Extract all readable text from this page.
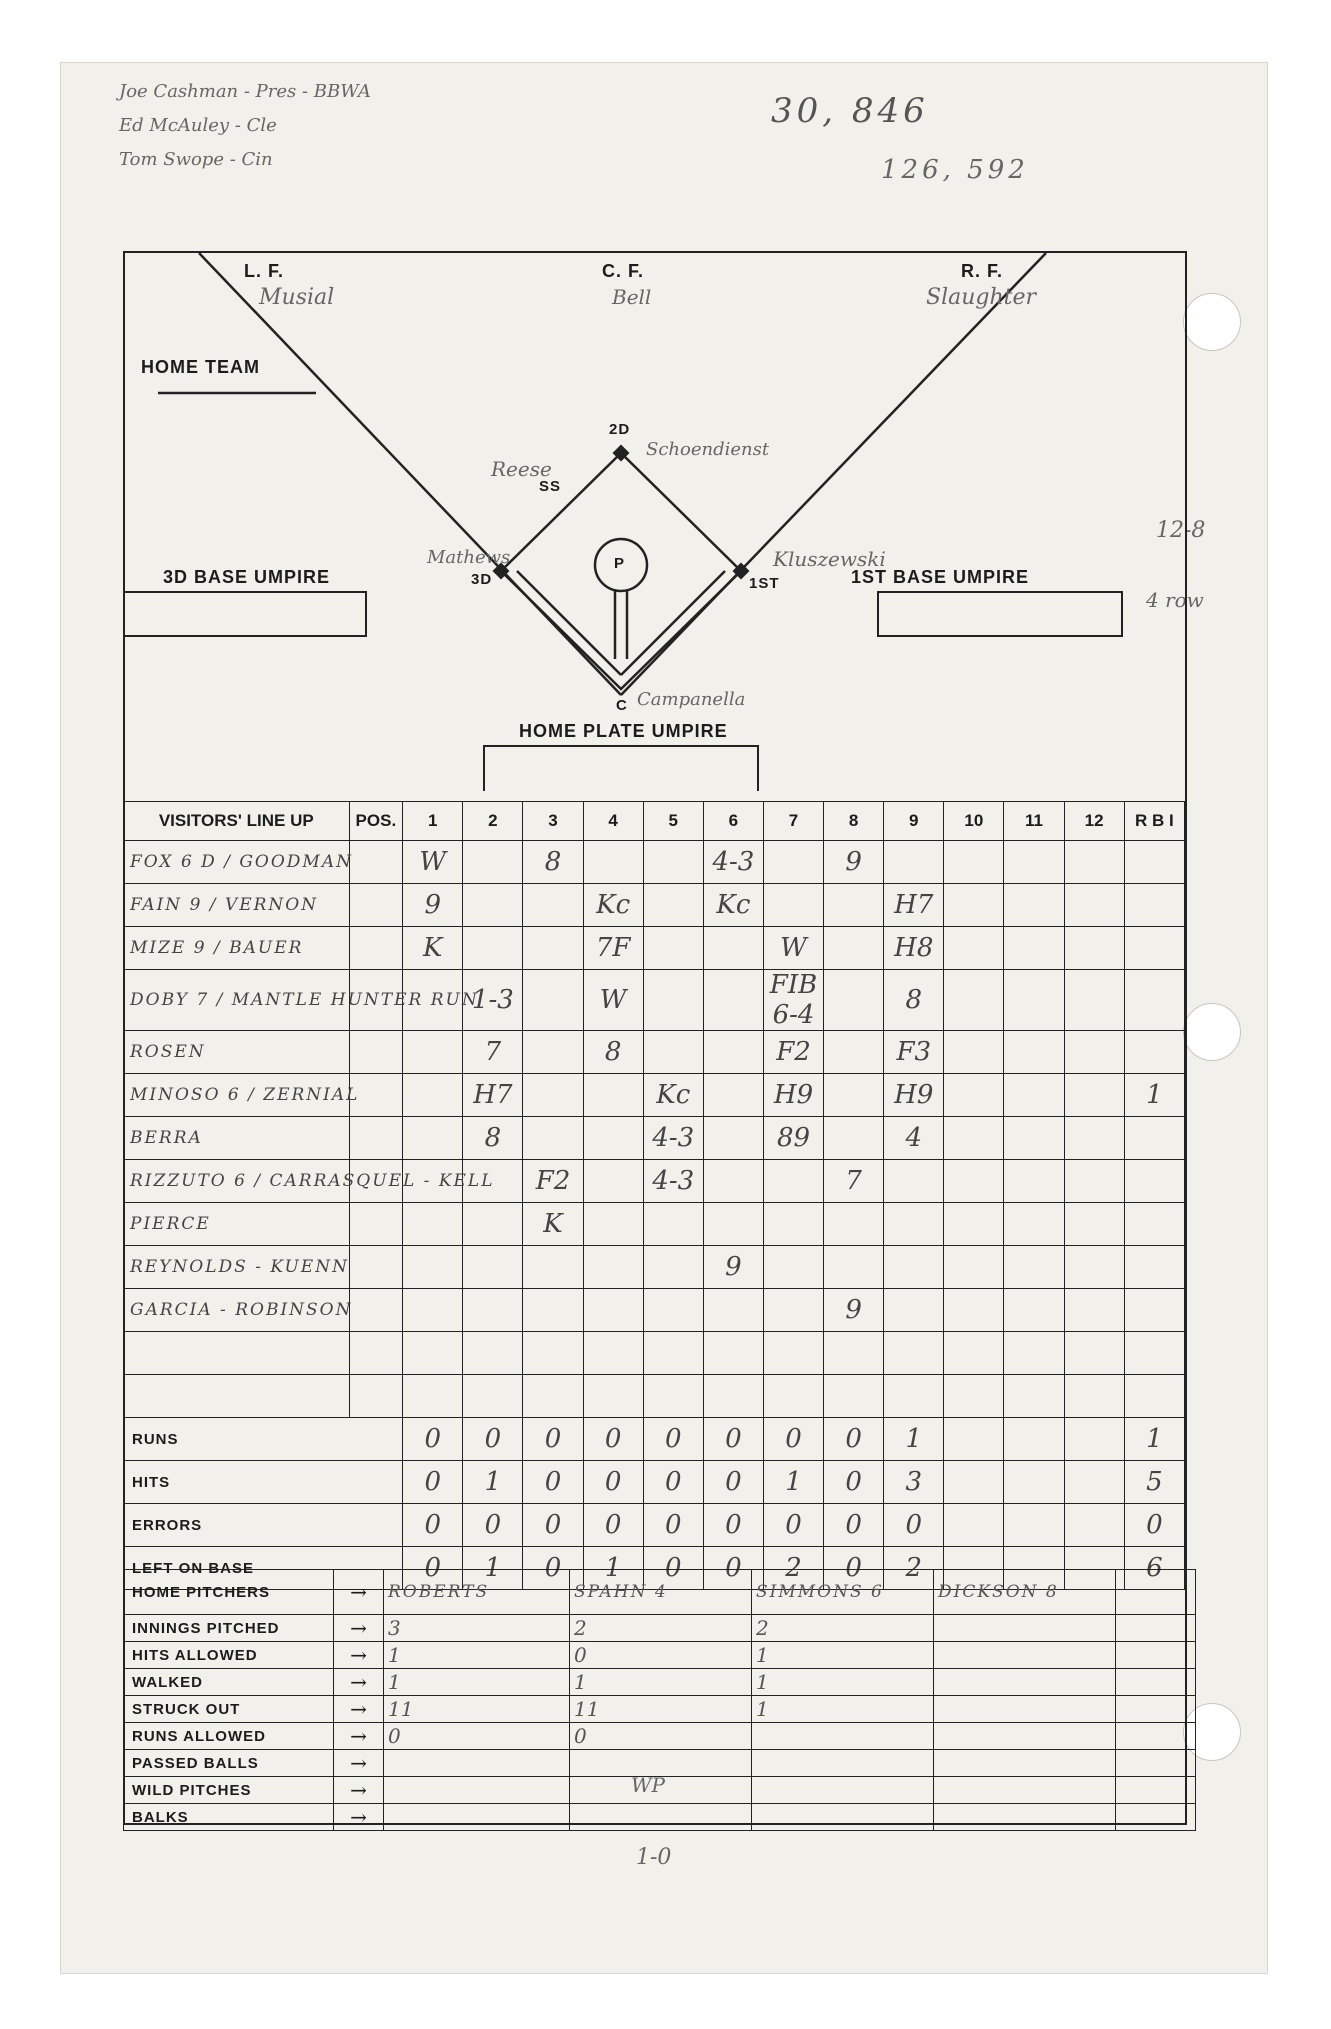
Joe Cashman - Pres - BBWA
Ed McAuley - Cle
Tom Swope - Cin
30, 846
126, 592
12-8
4 row
WP
1-0
L. F.	C. F.	R. F.
Musial	Bell	Slaughter
HOME TEAM
2D
SS
3D	1ST
C
P
Reese
Schoendienst
Mathews	Kluszewski
Campanella
3D BASE UMPIRE	1ST BASE UMPIRE
HOME PLATE UMPIRE
VISITORS' LINE UP	POS.	1	2	3	4	5	6	7	8	9	10	11	12	R B I
FOX 6 D / GOODMAN		W		8			4-3		9					
FAIN 9 / VERNON		9			Kc		Kc			H7				
MIZE 9 / BAUER		K			7F			W		H8				
DOBY 7 / MANTLE HUNTER RUN			1-3		W			FIB 6-4		8				
ROSEN			7		8			F2		F3				
MINOSO 6 / ZERNIAL			H7			Kc		H9		H9				1
BERRA			8			4-3		89		4				
RIZZUTO 6 / CARRASQUEL - KELL				F2		4-3			7					
PIERCE				K										
REYNOLDS - KUENN							9							
GARCIA - ROBINSON									9					

RUNS		0	0	0	0	0	0	0	0	1				1
HITS		0	1	0	0	0	0	1	0	3				5
ERRORS		0	0	0	0	0	0	0	0	0				0
LEFT ON BASE		0	1	0	1	0	0	2	0	2				6
HOME PITCHERS	→	ROBERTS	SPAHN 4	SIMMONS 6	DICKSON 8	
INNINGS PITCHED	→	3	2	2		
HITS ALLOWED	→	1	0	1		
WALKED	→	1	1	1		
STRUCK OUT	→	11	11	1		
RUNS ALLOWED	→	0	0			
PASSED BALLS	→					
WILD PITCHES	→					
BALKS	→					
